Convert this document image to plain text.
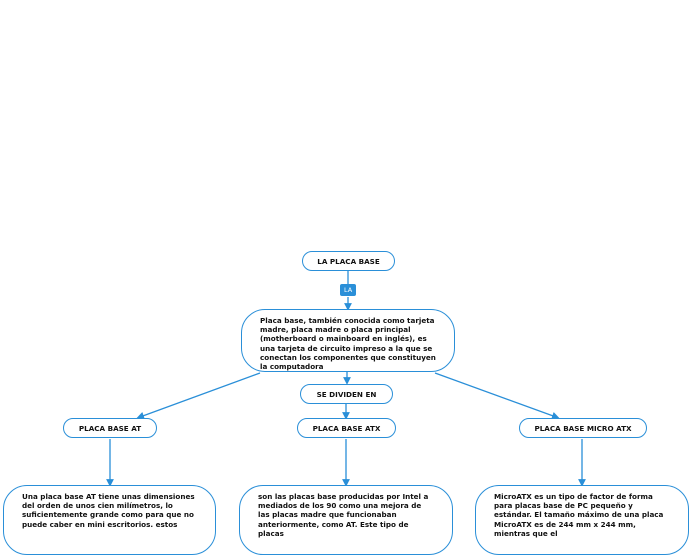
LA PLACA BASE
LA
Placa base, también conocida como tarjeta madre, placa madre o placa principal (motherboard o mainboard en inglés), es una tarjeta de circuito impreso a la que se conectan los componentes que constituyen la computadora
SE DIVIDEN EN
PLACA BASE AT	PLACA BASE ATX	PLACA BASE MICRO ATX
Una placa base AT tiene unas dimensiones del orden de unos cien milímetros, lo suficientemente grande como para que no puede caber en mini escritorios. estos
son las placas base producidas por Intel a mediados de los 90 como una mejora de las placas madre que funcionaban anteriormente, como AT. Este tipo de placas
MicroATX es un tipo de factor de forma para placas base de PC pequeño y estándar. El tamaño máximo de una placa MicroATX es de 244 mm x 244 mm, mientras que el
